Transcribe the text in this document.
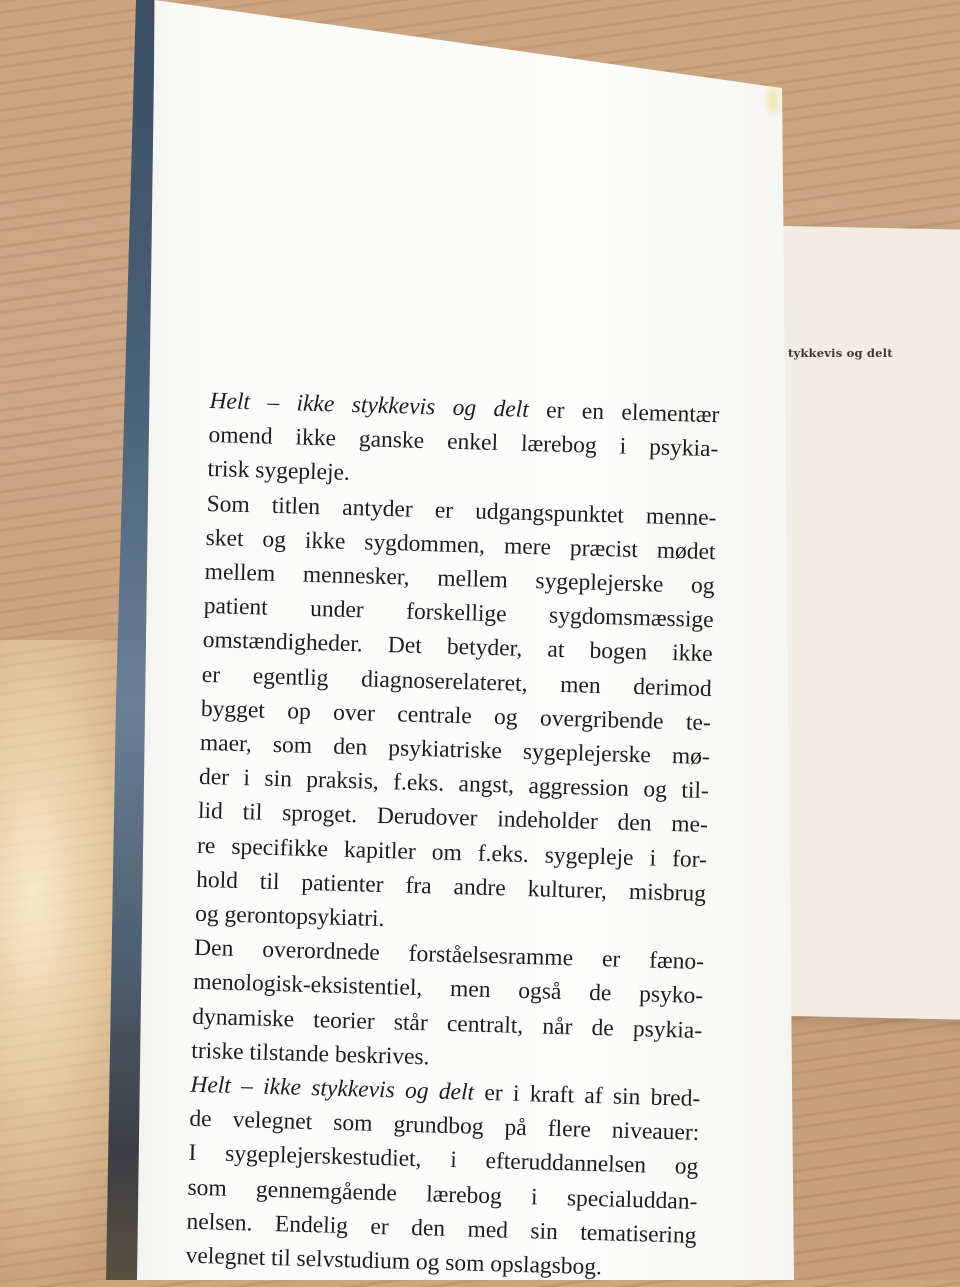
tykkevis og delt
Helt – ikke stykkevis og delt er en elementær
omend ikke ganske enkel lærebog i psykia-
trisk sygepleje.
Som titlen antyder er udgangspunktet menne-
sket og ikke sygdommen, mere præcist mødet
mellem mennesker, mellem sygeplejerske og
patient under forskellige sygdomsmæssige
omstændigheder. Det betyder, at bogen ikke
er egentlig diagnoserelateret, men derimod
bygget op over centrale og overgribende te-
maer, som den psykiatriske sygeplejerske mø-
der i sin praksis, f.eks. angst, aggression og til-
lid til sproget. Derudover indeholder den me-
re specifikke kapitler om f.eks. sygepleje i for-
hold til patienter fra andre kulturer, misbrug
og gerontopsykiatri.
Den overordnede forståelsesramme er fæno-
menologisk-eksistentiel, men også de psyko-
dynamiske teorier står centralt, når de psykia-
triske tilstande beskrives.
Helt – ikke stykkevis og delt er i kraft af sin bred-
de velegnet som grundbog på flere niveauer:
I sygeplejerskestudiet, i efteruddannelsen og
som gennemgående lærebog i specialuddan-
nelsen. Endelig er den med sin tematisering
velegnet til selvstudium og som opslagsbog.
